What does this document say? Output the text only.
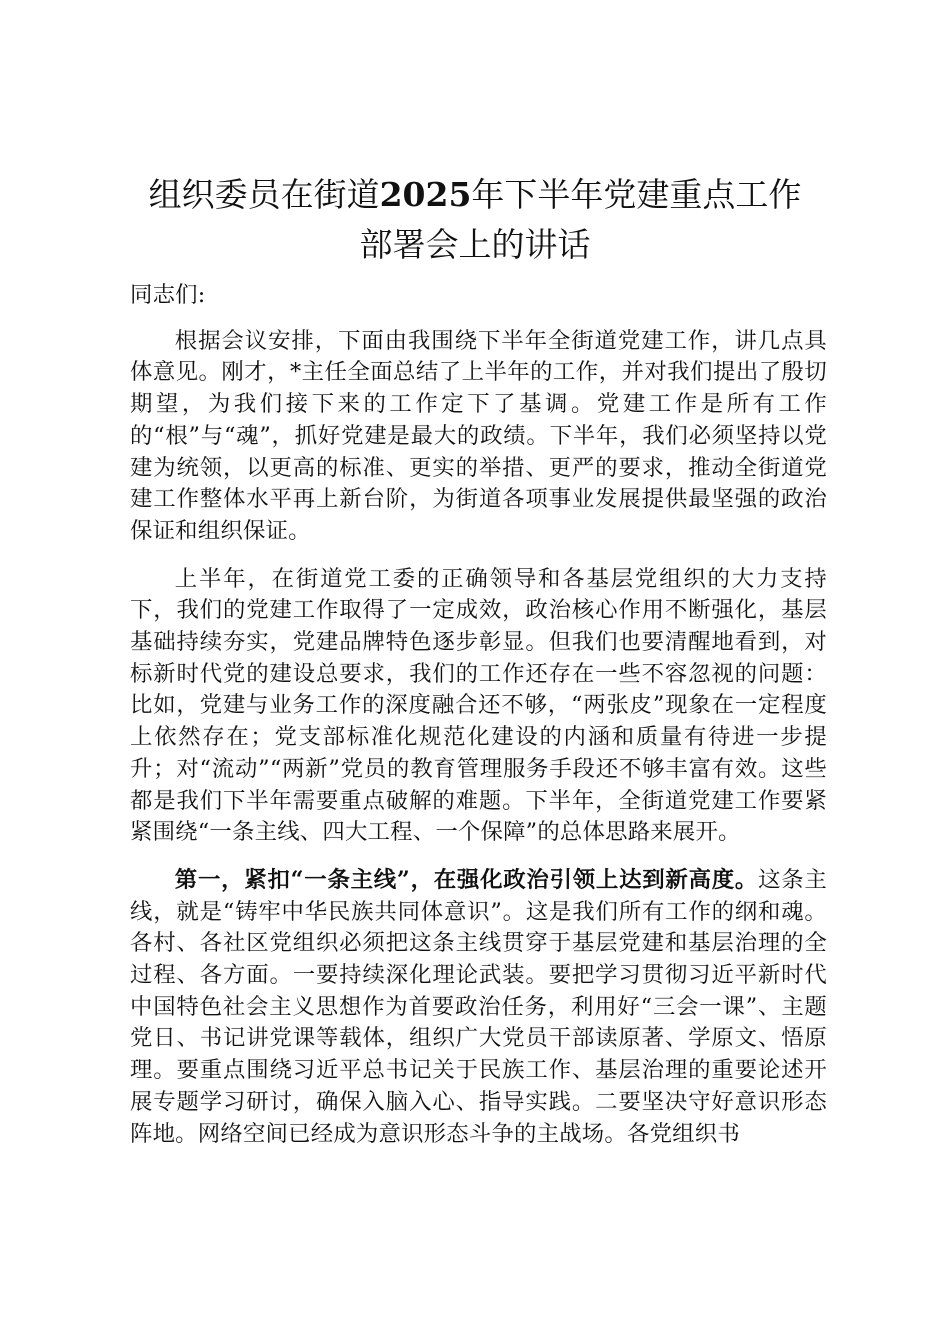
组织委员在街道2025年下半年党建重点工作
部署会上的讲话

同志们:

根据会议安排，下面由我围绕下半年全街道党建工作，讲几点具体意见。刚才，*主任全面总结了上半年的工作，并对我们提出了殷切期望，为我们接下来的工作定下了基调。党建工作是所有工作的“根”与“魂”，抓好党建是最大的政绩。下半年，我们必须坚持以党建为统领，以更高的标准、更实的举措、更严的要求，推动全街道党建工作整体水平再上新台阶，为街道各项事业发展提供最坚强的政治保证和组织保证。

上半年，在街道党工委的正确领导和各基层党组织的大力支持下，我们的党建工作取得了一定成效，政治核心作用不断强化，基层基础持续夯实，党建品牌特色逐步彰显。但我们也要清醒地看到，对标新时代党的建设总要求，我们的工作还存在一些不容忽视的问题：比如，党建与业务工作的深度融合还不够，“两张皮”现象在一定程度上依然存在；党支部标准化规范化建设的内涵和质量有待进一步提升；对“流动”“两新”党员的教育管理服务手段还不够丰富有效。这些都是我们下半年需要重点破解的难题。下半年，全街道党建工作要紧紧围绕“一条主线、四大工程、一个保障”的总体思路来展开。

第一，紧扣“一条主线”，在强化政治引领上达到新高度。这条主线，就是“铸牢中华民族共同体意识”。这是我们所有工作的纲和魂。各村、各社区党组织必须把这条主线贯穿于基层党建和基层治理的全过程、各方面。一要持续深化理论武装。要把学习贯彻习近平新时代中国特色社会主义思想作为首要政治任务，利用好“三会一课”、主题党日、书记讲党课等载体，组织广大党员干部读原著、学原文、悟原理。要重点围绕习近平总书记关于民族工作、基层治理的重要论述开展专题学习研讨，确保入脑入心、指导实践。二要坚决守好意识形态阵地。网络空间已经成为意识形态斗争的主战场。各党组织书
